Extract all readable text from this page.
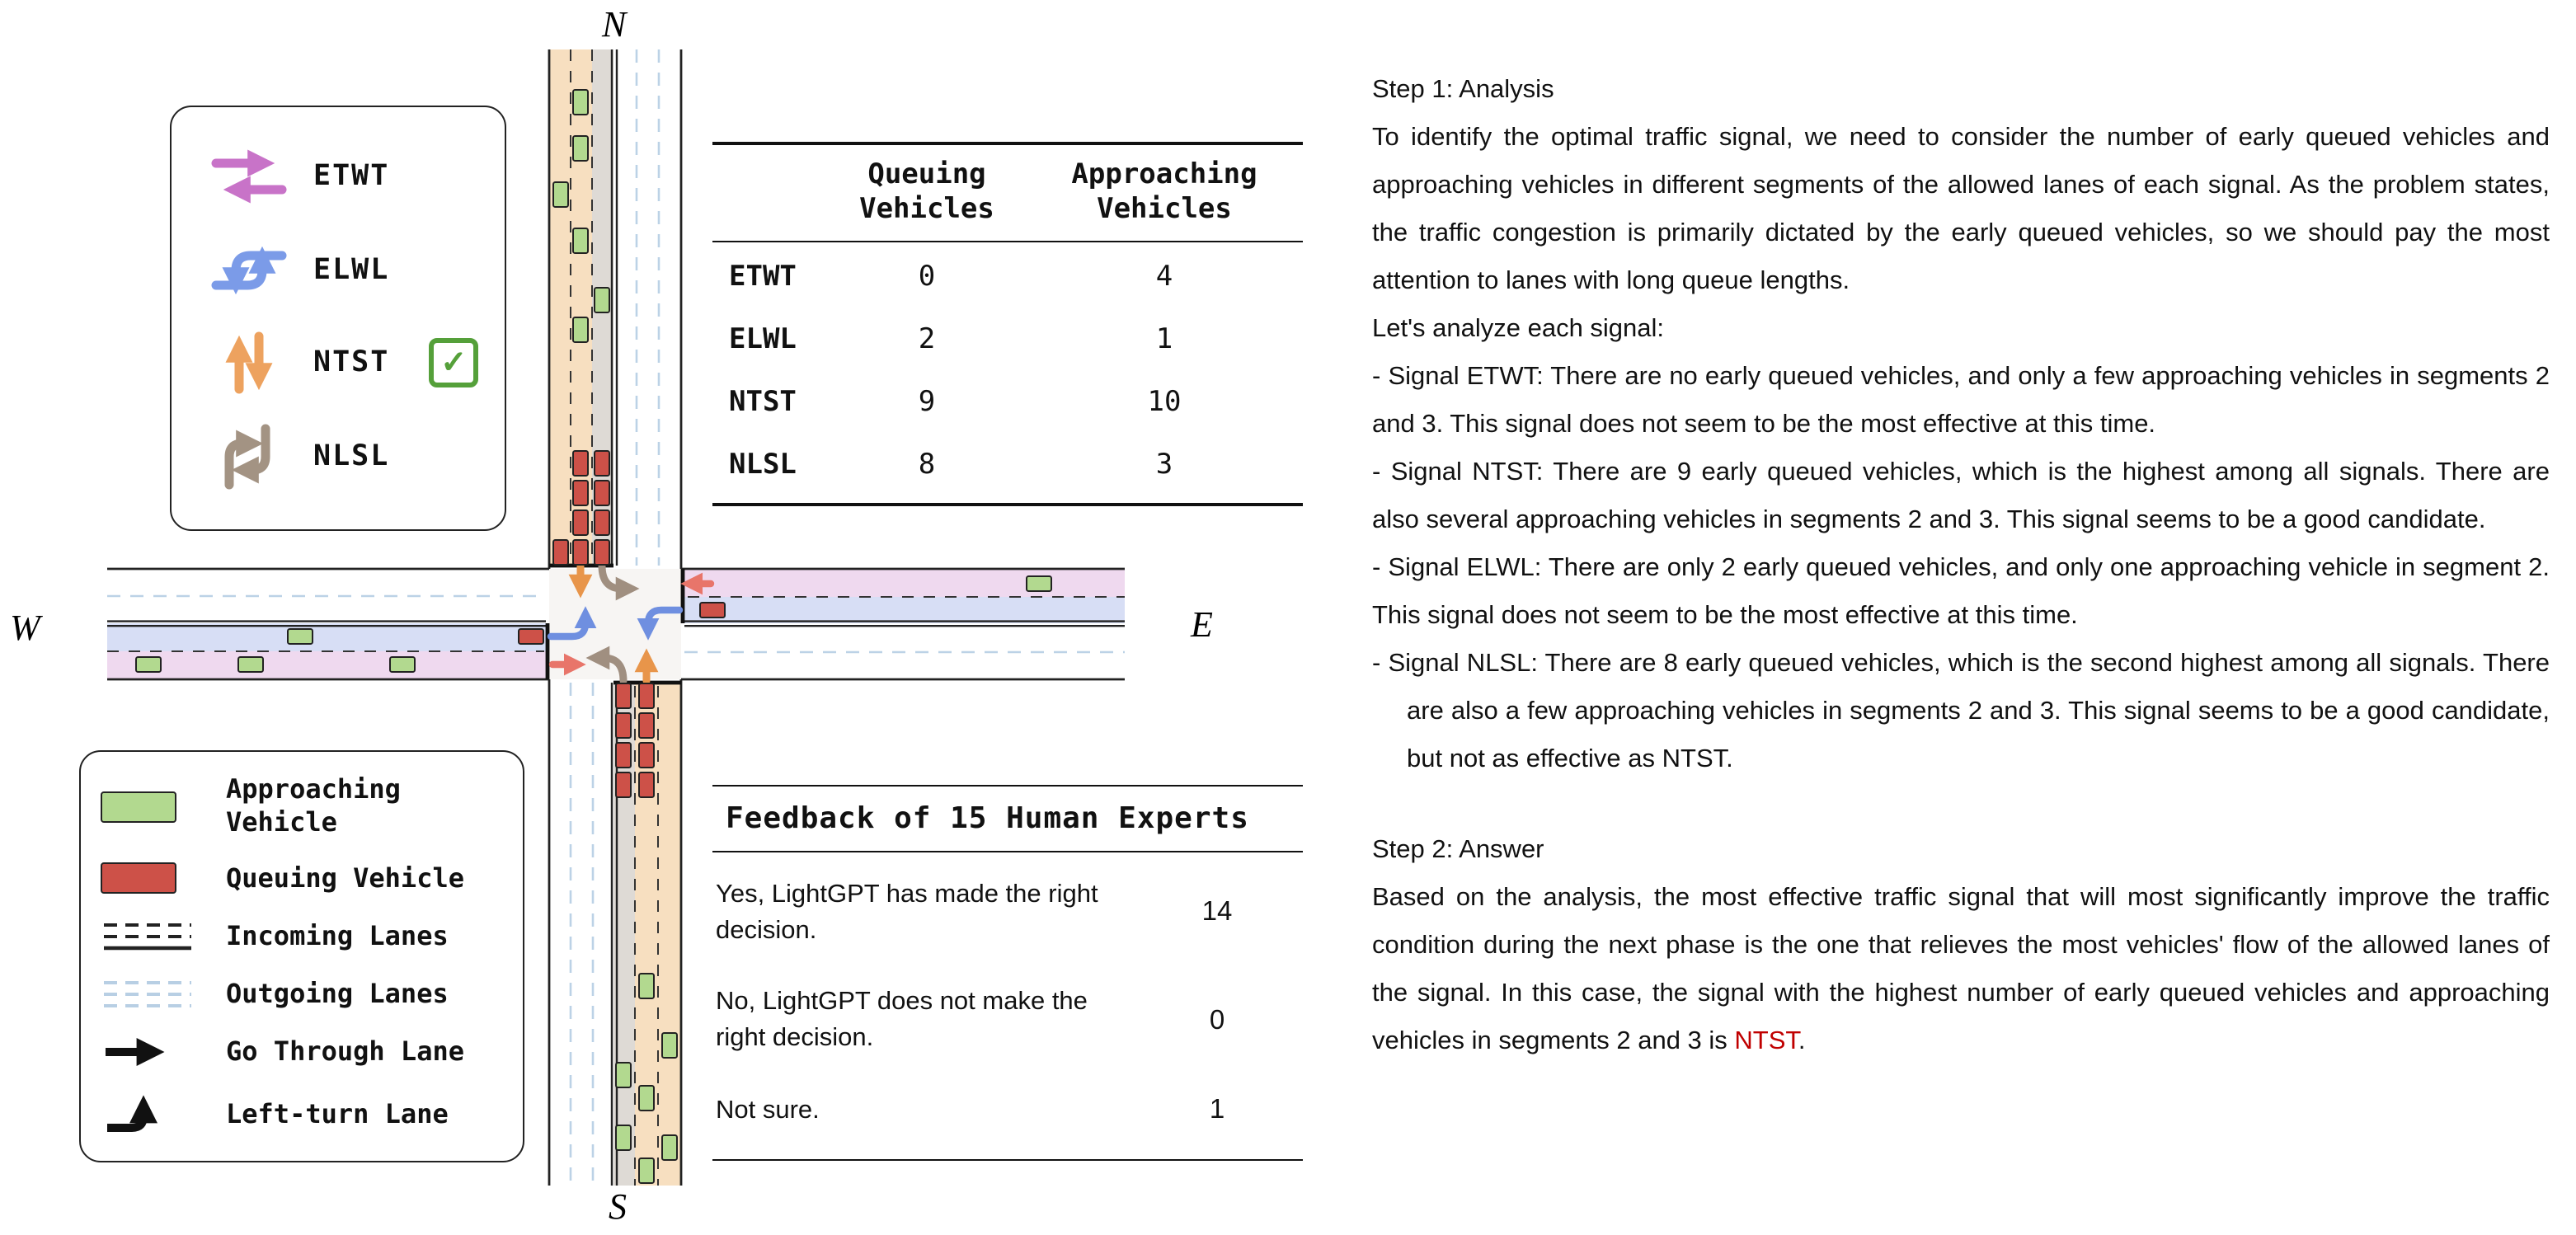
N
S
W	E
ETWT
ELWL
NTST	✓
NLSL
Approaching Vehicle
Queuing Vehicle
Incoming Lanes
Outgoing Lanes
Go Through Lane
Left-turn Lane
Queuing Vehicles
Approaching Vehicles
ETWT	0	4
ELWL	2	1
NTST	9	10
NLSL	8	3
Feedback of 15 Human Experts
Yes, LightGPT has made the right decision.
14
No, LightGPT does not make the right decision.
0
Not sure.	1

Step 1: Analysis

To identify the optimal traffic signal, we need to consider the number of early queued vehicles and approaching vehicles in different segments of the allowed lanes of each signal. As the problem states, the traffic congestion is primarily dictated by the early queued vehicles, so we should pay the most attention to lanes with long queue lengths.

Let's analyze each signal:

- Signal ETWT: There are no early queued vehicles, and only a few approaching vehicles in segments 2 and 3. This signal does not seem to be the most effective at this time.

- Signal NTST: There are 9 early queued vehicles, which is the highest among all signals. There are also several approaching vehicles in segments 2 and 3. This signal seems to be a good candidate.

- Signal ELWL: There are only 2 early queued vehicles, and only one approaching vehicle in segment 2. This signal does not seem to be the most effective at this time.

- Signal NLSL: There are 8 early queued vehicles, which is the second highest among all signals. There are also a few approaching vehicles in segments 2 and 3. This signal seems to be a good candidate, but not as effective as NTST.

Step 2: Answer

Based on the analysis, the most effective traffic signal that will most significantly improve the traffic condition during the next phase is the one that relieves the most vehicles' flow of the allowed lanes of the signal. In this case, the signal with the highest number of early queued vehicles and approaching vehicles in segments 2 and 3 is NTST.
